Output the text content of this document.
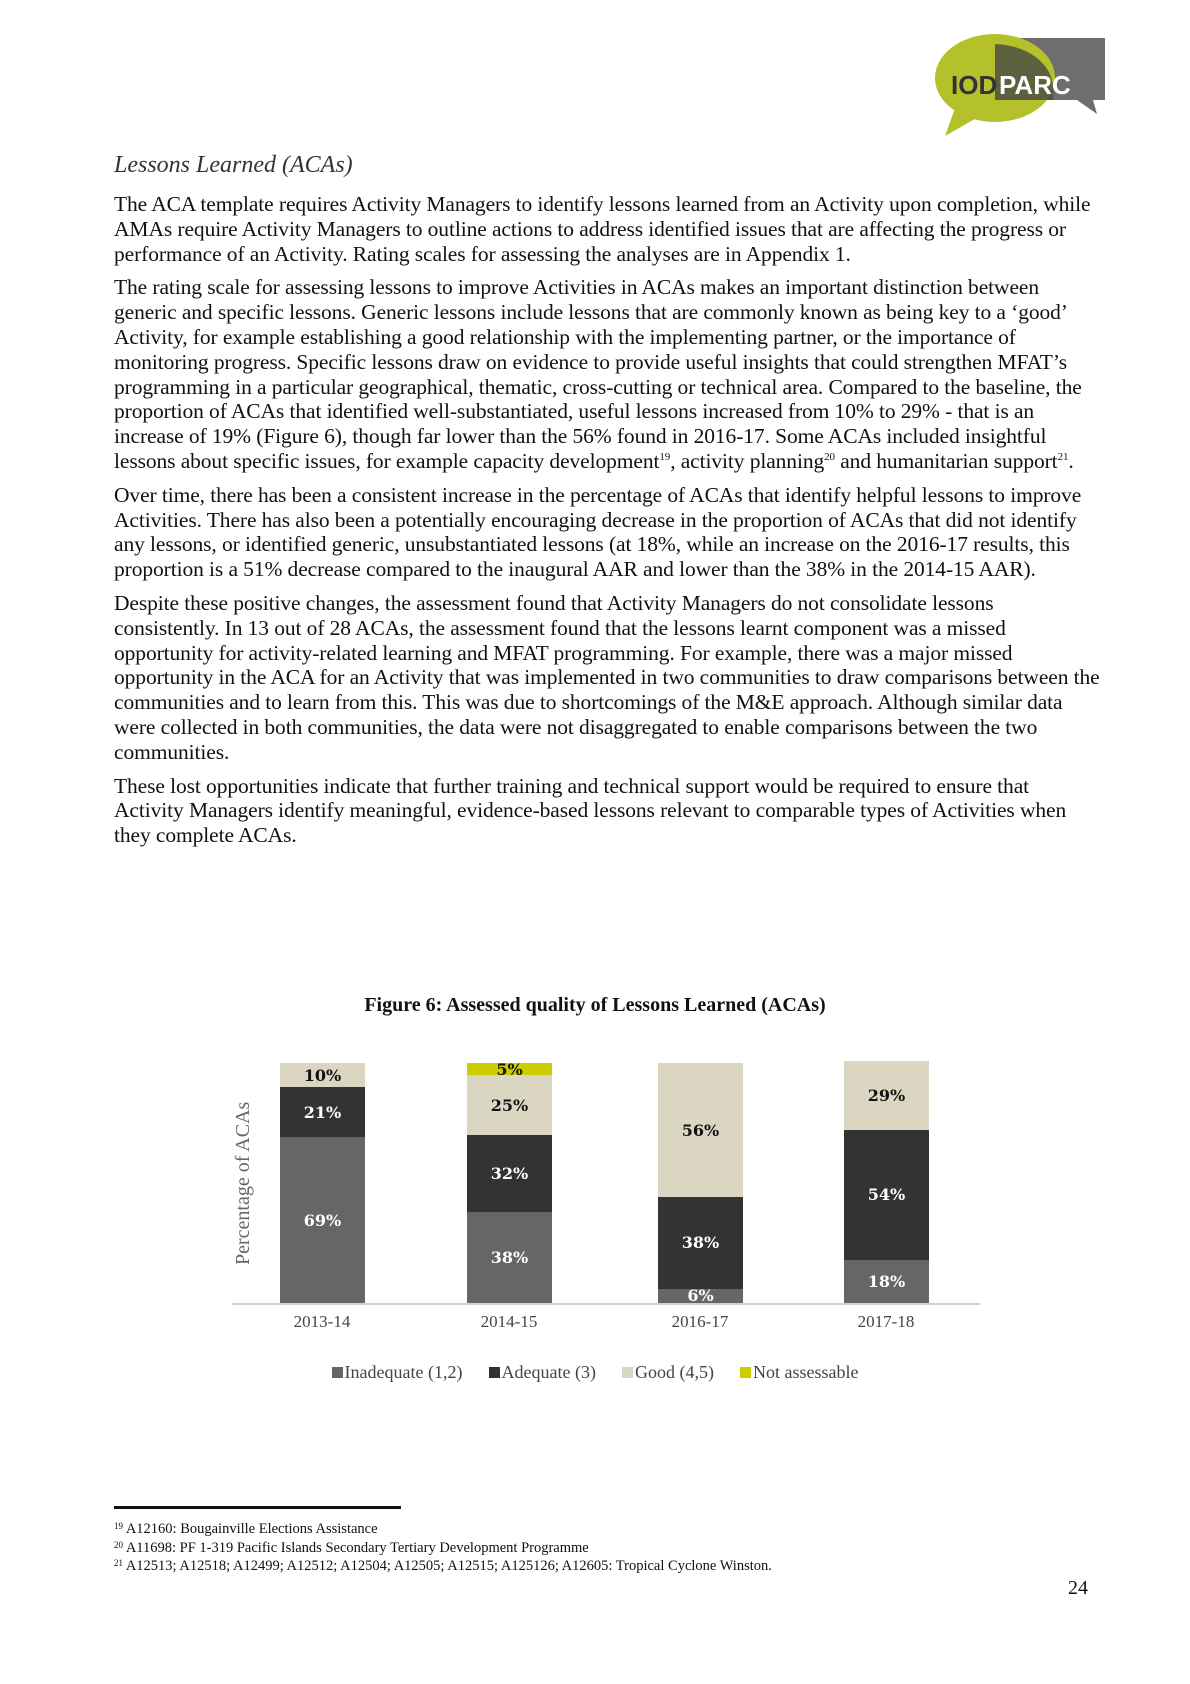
IOD PARC
Lessons Learned (ACAs)

The ACA template requires Activity Managers to identify lessons learned from an Activity upon completion, while AMAs require Activity Managers to outline actions to address identified issues that are affecting the progress or performance of an Activity. Rating scales for assessing the analyses are in Appendix 1.

The rating scale for assessing lessons to improve Activities in ACAs makes an important distinction between generic and specific lessons. Generic lessons include lessons that are commonly known as being key to a ‘good’ Activity, for example establishing a good relationship with the implementing partner, or the importance of monitoring progress. Specific lessons draw on evidence to provide useful insights that could strengthen MFAT’s programming in a particular geographical, thematic, cross-cutting or technical area. Compared to the baseline, the proportion of ACAs that identified well-substantiated, useful lessons increased from 10% to 29% - that is an increase of 19% (Figure 6), though far lower than the 56% found in 2016-17. Some ACAs included insightful lessons about specific issues, for example capacity development$^{19}$, activity planning$^{20}$ and humanitarian support$^{21}$.

Over time, there has been a consistent increase in the percentage of ACAs that identify helpful lessons to improve Activities. There has also been a potentially encouraging decrease in the proportion of ACAs that did not identify any lessons, or identified generic, unsubstantiated lessons (at 18%, while an increase on the 2016-17 results, this proportion is a 51% decrease compared to the inaugural AAR and lower than the 38% in the 2014-15 AAR).

Despite these positive changes, the assessment found that Activity Managers do not consolidate lessons consistently. In 13 out of 28 ACAs, the assessment found that the lessons learnt component was a missed opportunity for activity-related learning and MFAT programming. For example, there was a major missed opportunity in the ACA for an Activity that was implemented in two communities to draw comparisons between the communities and to learn from this. This was due to shortcomings of the M&E approach. Although similar data were collected in both communities, the data were not disaggregated to enable comparisons between the two communities.

These lost opportunities indicate that further training and technical support would be required to ensure that Activity Managers identify meaningful, evidence-based lessons relevant to comparable types of Activities when they complete ACAs.

Figure 6: Assessed quality of Lessons Learned (ACAs)
Percentage of ACAs
10%
21%
69%
2013-14
5%
25%
32%
38%
2014-15
56%
38%
6%
2016-17
29%
54%
18%
2017-18
Inadequate (1,2) Adequate (3) Good (4,5) Not assessable
$^{19}$ A12160: Bougainville Elections Assistance
$^{20}$ A11698: PF 1-319 Pacific Islands Secondary Tertiary Development Programme
$^{21}$ A12513; A12518; A12499; A12512; A12504; A12505; A12515; A125126; A12605: Tropical Cyclone Winston.
24
